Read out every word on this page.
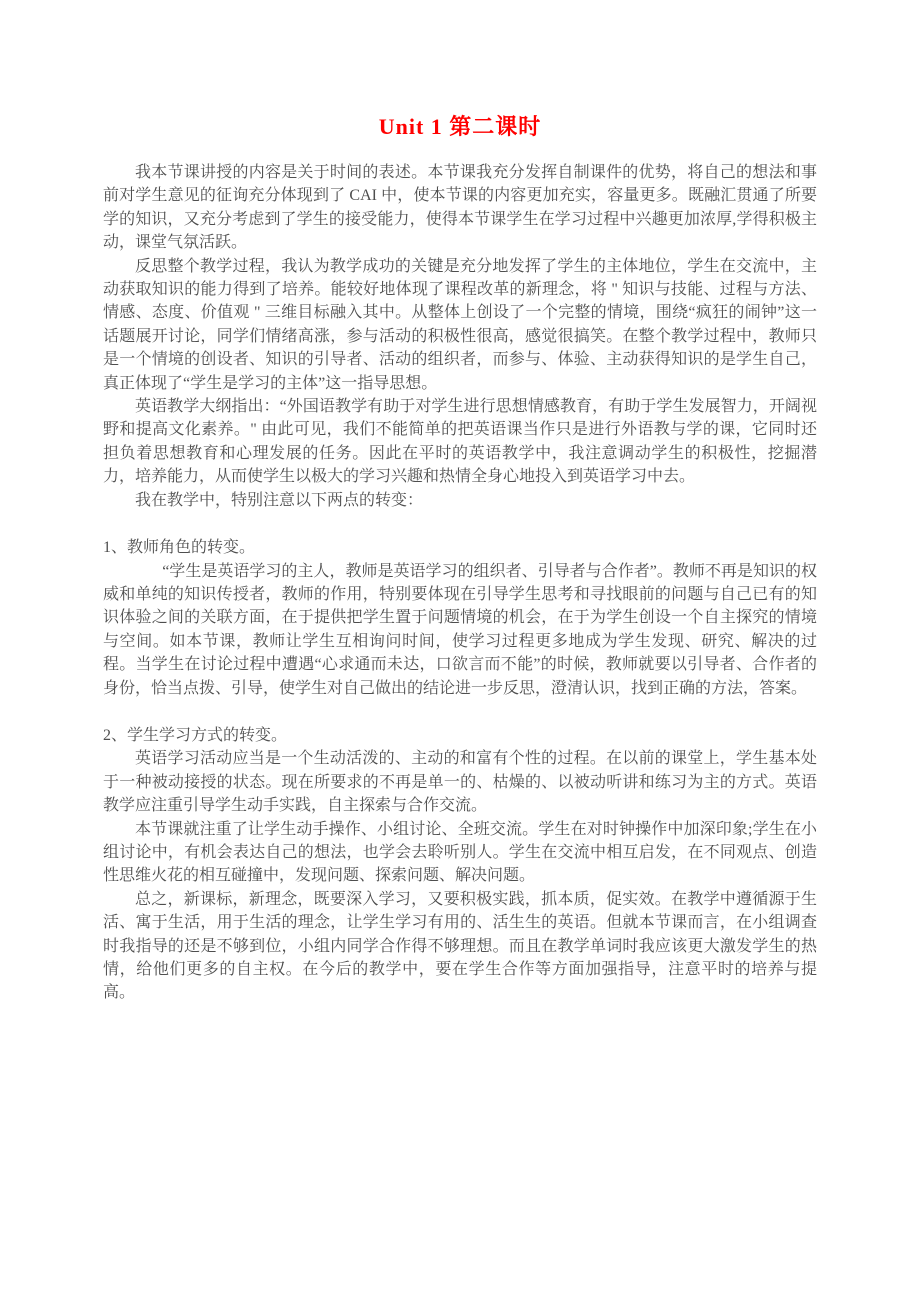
Unit 1 第二课时

我本节课讲授的内容是关于时间的表述。本节课我充分发挥自制课件的优势，将自己的想法和事前对学生意见的征询充分体现到了 CAI 中，使本节课的内容更加充实，容量更多。既融汇贯通了所要学的知识，又充分考虑到了学生的接受能力，使得本节课学生在学习过程中兴趣更加浓厚,学得积极主动，课堂气氛活跃。

反思整个教学过程，我认为教学成功的关键是充分地发挥了学生的主体地位，学生在交流中，主动获取知识的能力得到了培养。能较好地体现了课程改革的新理念，将 " 知识与技能、过程与方法、情感、态度、价值观 " 三维目标融入其中。从整体上创设了一个完整的情境，围绕“疯狂的闹钟”这一话题展开讨论，同学们情绪高涨，参与活动的积极性很高，感觉很搞笑。在整个教学过程中，教师只是一个情境的创设者、知识的引导者、活动的组织者，而参与、体验、主动获得知识的是学生自己，真正体现了“学生是学习的主体”这一指导思想。

英语教学大纲指出：“外国语教学有助于对学生进行思想情感教育，有助于学生发展智力，开阔视野和提高文化素养。" 由此可见，我们不能简单的把英语课当作只是进行外语教与学的课，它同时还担负着思想教育和心理发展的任务。因此在平时的英语教学中，我注意调动学生的积极性，挖掘潜力，培养能力，从而使学生以极大的学习兴趣和热情全身心地投入到英语学习中去。

我在教学中，特别注意以下两点的转变：

1、教师角色的转变。

“学生是英语学习的主人，教师是英语学习的组织者、引导者与合作者”。教师不再是知识的权威和单纯的知识传授者，教师的作用，特别要体现在引导学生思考和寻找眼前的问题与自己已有的知识体验之间的关联方面，在于提供把学生置于问题情境的机会，在于为学生创设一个自主探究的情境与空间。如本节课，教师让学生互相询问时间，使学习过程更多地成为学生发现、研究、解决的过程。当学生在讨论过程中遭遇“心求通而未达，口欲言而不能”的时候，教师就要以引导者、合作者的身份，恰当点拨、引导，使学生对自己做出的结论进一步反思，澄清认识，找到正确的方法，答案。

2、学生学习方式的转变。

英语学习活动应当是一个生动活泼的、主动的和富有个性的过程。在以前的课堂上，学生基本处于一种被动接授的状态。现在所要求的不再是单一的、枯燥的、以被动听讲和练习为主的方式。英语教学应注重引导学生动手实践，自主探索与合作交流。

本节课就注重了让学生动手操作、小组讨论、全班交流。学生在对时钟操作中加深印象;学生在小组讨论中，有机会表达自己的想法，也学会去聆听别人。学生在交流中相互启发，在不同观点、创造性思维火花的相互碰撞中，发现问题、探索问题、解决问题。

总之，新课标，新理念，既要深入学习，又要积极实践，抓本质，促实效。在教学中遵循源于生活、寓于生活，用于生活的理念，让学生学习有用的、活生生的英语。但就本节课而言，在小组调查时我指导的还是不够到位，小组内同学合作得不够理想。而且在教学单词时我应该更大激发学生的热情，给他们更多的自主权。在今后的教学中，要在学生合作等方面加强指导，注意平时的培养与提高。
